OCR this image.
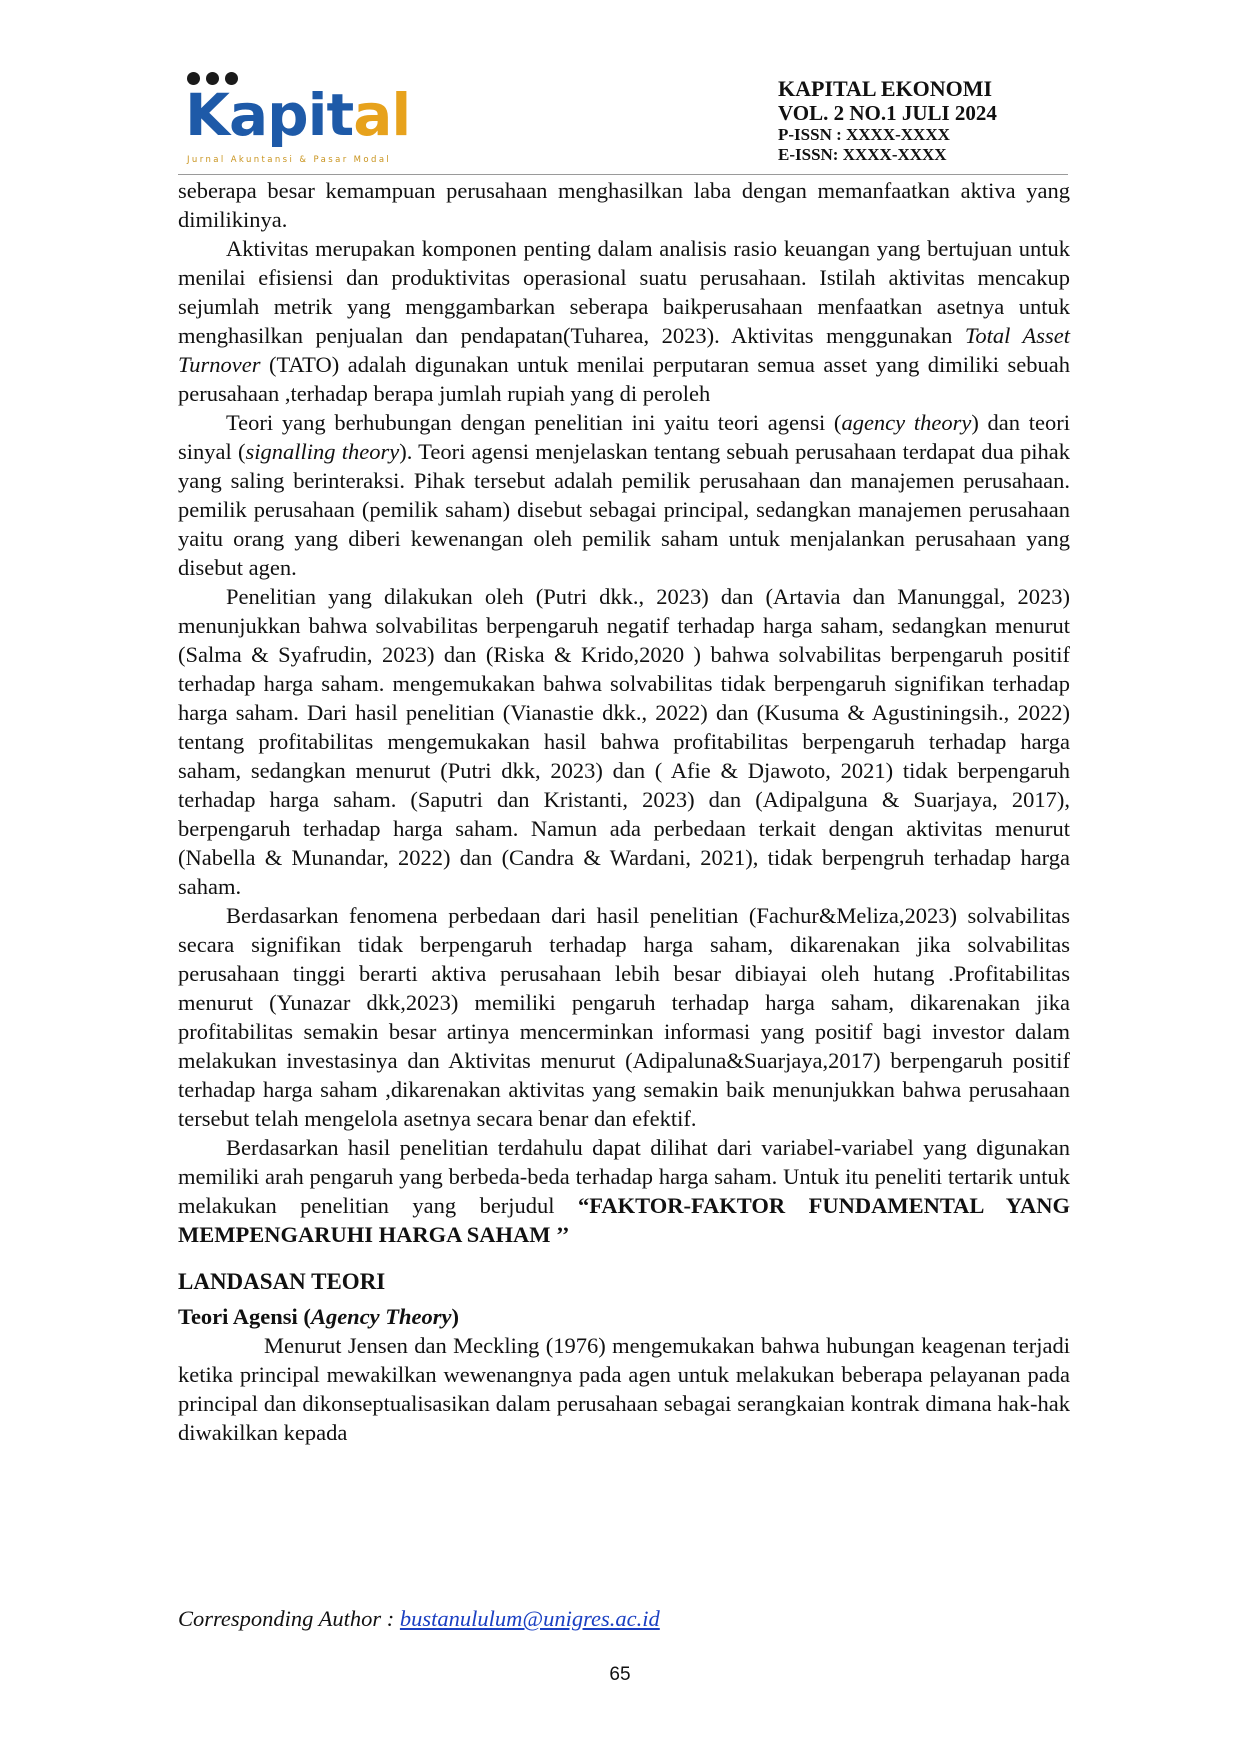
Kapital
Jurnal Akuntansi & Pasar Modal
KAPITAL EKONOMI
VOL. 2 NO.1 JULI 2024
P-ISSN : XXXX-XXXX
E-ISSN: XXXX-XXXX

seberapa besar kemampuan perusahaan menghasilkan laba dengan memanfaatkan aktiva yang dimilikinya.

Aktivitas merupakan komponen penting dalam analisis rasio keuangan yang bertujuan untuk menilai efisiensi dan produktivitas operasional suatu perusahaan. Istilah aktivitas mencakup sejumlah metrik yang menggambarkan seberapa baikperusahaan menfaatkan asetnya untuk menghasilkan penjualan dan pendapatan(Tuharea, 2023). Aktivitas menggunakan Total Asset Turnover (TATO) adalah digunakan untuk menilai perputaran semua asset yang dimiliki sebuah perusahaan ,terhadap berapa jumlah rupiah yang di peroleh

Teori yang berhubungan dengan penelitian ini yaitu teori agensi (agency theory) dan teori sinyal (signalling theory). Teori agensi menjelaskan tentang sebuah perusahaan terdapat dua pihak yang saling berinteraksi. Pihak tersebut adalah pemilik perusahaan dan manajemen perusahaan. pemilik perusahaan (pemilik saham) disebut sebagai principal, sedangkan manajemen perusahaan yaitu orang yang diberi kewenangan oleh pemilik saham untuk menjalankan perusahaan yang disebut agen.

Penelitian yang dilakukan oleh (Putri dkk., 2023) dan (Artavia dan Manunggal, 2023) menunjukkan bahwa solvabilitas berpengaruh negatif terhadap harga saham, sedangkan menurut (Salma & Syafrudin, 2023) dan (Riska & Krido,2020 ) bahwa solvabilitas berpengaruh positif terhadap harga saham. mengemukakan bahwa solvabilitas tidak berpengaruh signifikan terhadap harga saham. Dari hasil penelitian (Vianastie dkk., 2022) dan (Kusuma & Agustiningsih., 2022) tentang profitabilitas mengemukakan hasil bahwa profitabilitas berpengaruh terhadap harga saham, sedangkan menurut (Putri dkk, 2023) dan ( Afie & Djawoto, 2021) tidak berpengaruh terhadap harga saham. (Saputri dan Kristanti, 2023) dan (Adipalguna & Suarjaya, 2017), berpengaruh terhadap harga saham. Namun ada perbedaan terkait dengan aktivitas menurut (Nabella & Munandar, 2022) dan (Candra & Wardani, 2021), tidak berpengruh terhadap harga saham.

Berdasarkan fenomena perbedaan dari hasil penelitian (Fachur&Meliza,2023) solvabilitas secara signifikan tidak berpengaruh terhadap harga saham, dikarenakan jika solvabilitas perusahaan tinggi berarti aktiva perusahaan lebih besar dibiayai oleh hutang .Profitabilitas menurut (Yunazar dkk,2023) memiliki pengaruh terhadap harga saham, dikarenakan jika profitabilitas semakin besar artinya mencerminkan informasi yang positif bagi investor dalam melakukan investasinya dan Aktivitas menurut (Adipaluna&Suarjaya,2017) berpengaruh positif terhadap harga saham ,dikarenakan aktivitas yang semakin baik menunjukkan bahwa perusahaan tersebut telah mengelola asetnya secara benar dan efektif.

Berdasarkan hasil penelitian terdahulu dapat dilihat dari variabel-variabel yang digunakan memiliki arah pengaruh yang berbeda-beda terhadap harga saham. Untuk itu peneliti tertarik untuk melakukan penelitian yang berjudul “FAKTOR-FAKTOR FUNDAMENTAL YANG MEMPENGARUHI HARGA SAHAM ’’

LANDASAN TEORI
Teori Agensi (Agency Theory)

Menurut Jensen dan Meckling (1976) mengemukakan bahwa hubungan keagenan terjadi ketika principal mewakilkan wewenangnya pada agen untuk melakukan beberapa pelayanan pada principal dan dikonseptualisasikan dalam perusahaan sebagai serangkaian kontrak dimana hak-hak diwakilkan kepada

Corresponding Author : bustanululum@unigres.ac.id
65
